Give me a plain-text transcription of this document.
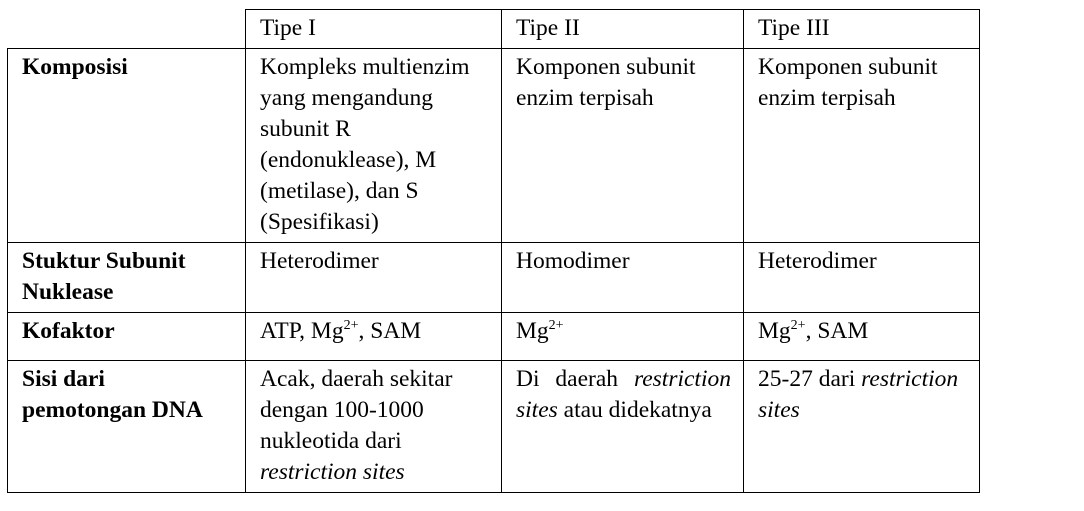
	Tipe I	Tipe II	Tipe III
Komposisi	Kompleks multienzim yang mengandung subunit R (endonuklease), M (metilase), dan S (Spesifikasi)	Komponen subunit enzim terpisah	Komponen subunit enzim terpisah
Stuktur Subunit Nuklease	Heterodimer	Homodimer	Heterodimer
Kofaktor	ATP, $Mg^{2+}$, SAM	$Mg^{2+}$	$Mg^{2+}$, SAM
Sisi dari pemotongan DNA	Acak, daerah sekitar dengan 100-1000 nukleotida dari restriction sites	Di daerah restriction sites atau didekatnya	25-27 dari restriction sites
